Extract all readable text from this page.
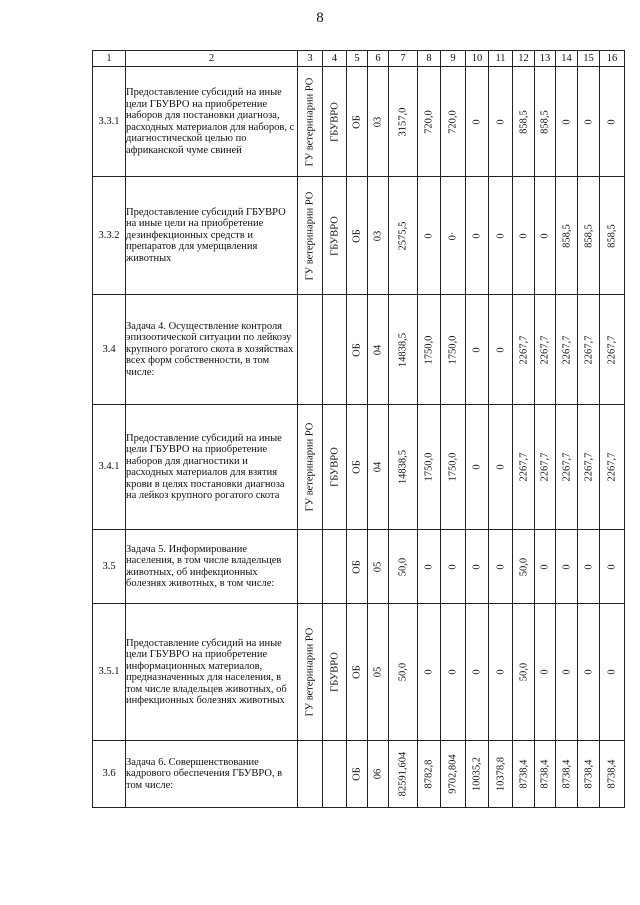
8
1	2	3	4	5	6	7	8	9	10	11	12	13	14	15	16
3.3.1	Предоставление субсидий на иные цели ГБУВРО на приобретение наборов для постановки диагноза, расходных материалов для наборов, с диагностической целью по африканской чуме свиней	ГУ ветеринарии РО	ГБУВРО	ОБ	03	3157,0	720,0	720,0	0	0	858,5	858,5	0	0	0

3.3.2	Предоставление субсидий ГБУВРО на иные цели на приобретение дезинфекционных средств и препаратов для умерщвления животных	ГУ ветеринарии РО	ГБУВРО	ОБ	03	2575,5	0	0·	0	0	0	0	858,5	858,5	858,5

3.4	Задача 4. Осуществление контроля эпизоотической ситуации по лейкозу крупного рогатого скота в хозяйствах всех форм собственности, в том числе:			ОБ	04	14838,5	1750,0	1750,0	0	0	2267,7	2267,7	2267,7	2267,7	2267,7

3.4.1	Предоставление субсидий на иные цели ГБУВРО на приобретение наборов для диагностики и расходных материалов для взятия крови в целях постановки диагноза на лейкоз крупного рогатого скота	ГУ ветеринарии РО	ГБУВРО	ОБ	04	14838,5	1750,0	1750,0	0	0	2267,7	2267,7	2267,7	2267,7	2267,7

3.5	Задача 5. Информирование населения, в том числе владельцев животных, об инфекционных болезнях животных, в том числе:			ОБ	05	50,0	0	0	0	0	50,0	0	0	0	0

3.5.1	Предоставление субсидий на иные цели ГБУВРО на приобретение информационных материалов, предназначенных для населения, в том числе владельцев животных, об инфекционных болезнях животных	ГУ ветеринарии РО	ГБУВРО	ОБ	05	50,0	0	0	0	0	50,0	0	0	0	0

3.6	Задача 6. Совершенствование кадрового обеспечения ГБУВРО, в том числе:			ОБ	06	82591,604	8782,8	9702,804	10035,2	10378,8	8738,4	8738,4	8738,4	8738,4	8738,4
